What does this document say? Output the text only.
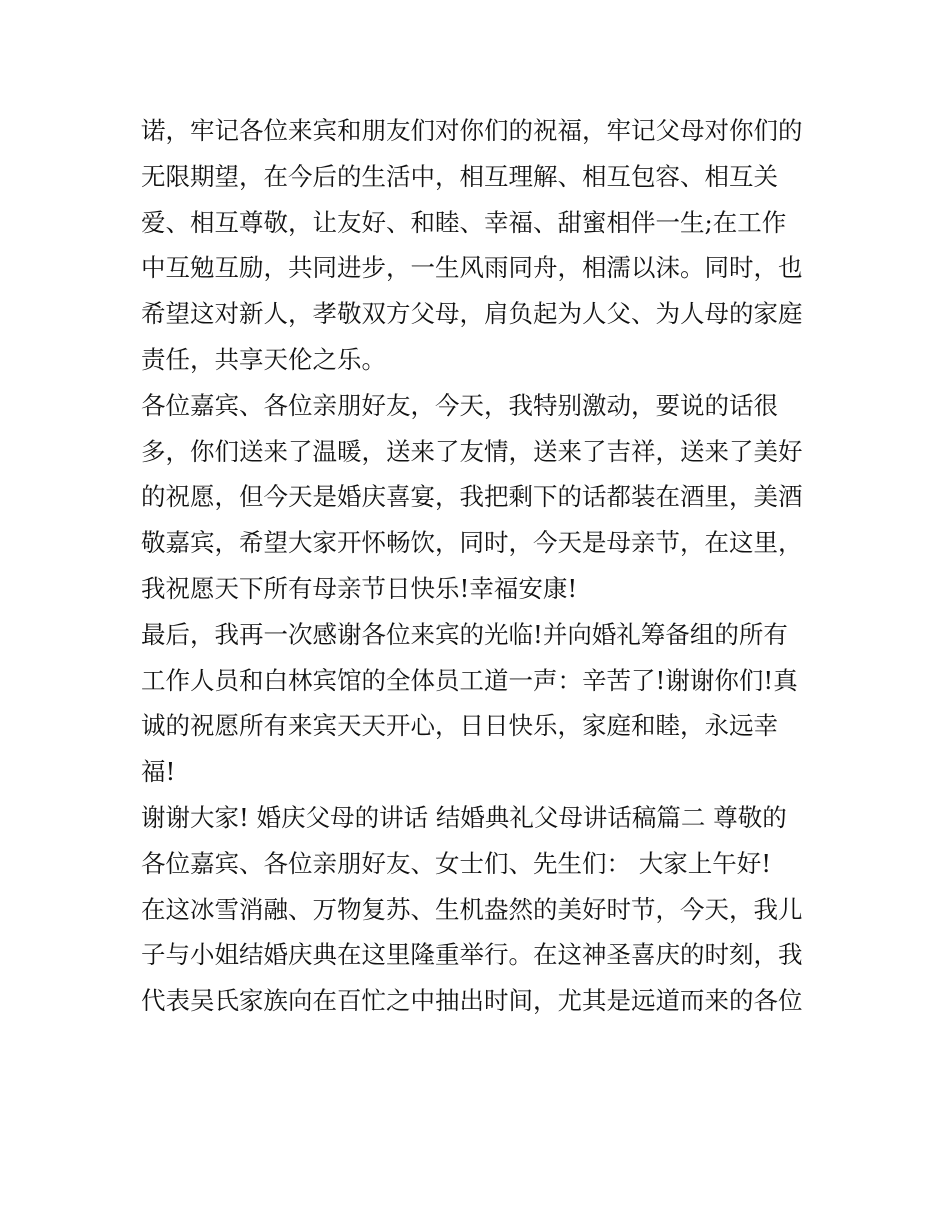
诺，牢记各位来宾和朋友们对你们的祝福，牢记父母对你们的
无限期望，在今后的生活中，相互理解、相互包容、相互关
爱、相互尊敬，让友好、和睦、幸福、甜蜜相伴一生;在工作
中互勉互励，共同进步，一生风雨同舟，相濡以沫。同时，也
希望这对新人，孝敬双方父母，肩负起为人父、为人母的家庭
责任，共享天伦之乐。
各位嘉宾、各位亲朋好友，今天，我特别激动，要说的话很
多，你们送来了温暖，送来了友情，送来了吉祥，送来了美好
的祝愿，但今天是婚庆喜宴，我把剩下的话都装在酒里，美酒
敬嘉宾，希望大家开怀畅饮，同时，今天是母亲节，在这里，
我祝愿天下所有母亲节日快乐!幸福安康!
最后，我再一次感谢各位来宾的光临!并向婚礼筹备组的所有
工作人员和白林宾馆的全体员工道一声：辛苦了!谢谢你们!真
诚的祝愿所有来宾天天开心，日日快乐，家庭和睦，永远幸
福!
谢谢大家! 婚庆父母的讲话 结婚典礼父母讲话稿篇二 尊敬的
各位嘉宾、各位亲朋好友、女士们、先生们： 大家上午好!
在这冰雪消融、万物复苏、生机盎然的美好时节，今天，我儿
子与小姐结婚庆典在这里隆重举行。在这神圣喜庆的时刻，我
代表吴氏家族向在百忙之中抽出时间，尤其是远道而来的各位
